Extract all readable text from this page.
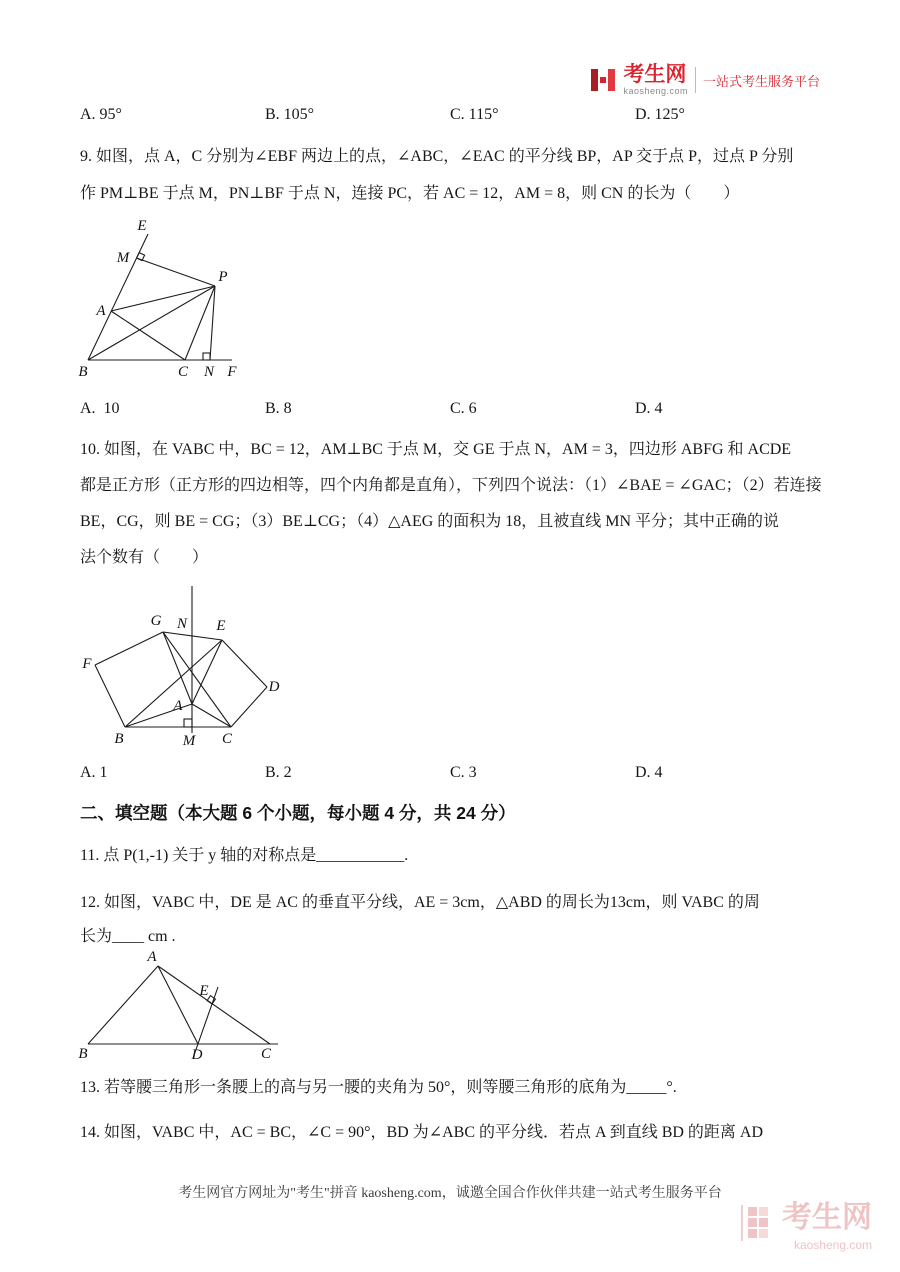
考生网
kaosheng.com
一站式考生服务平台
A. 95°	B. 105°	C. 115°	D. 125°
9. 如图，点 A，C 分别为∠EBF 两边上的点，∠ABC，∠EAC 的平分线 BP，AP 交于点 P，过点 P 分别
作 PM⊥BE 于点 M，PN⊥BF 于点 N，连接 PC，若 AC = 12，AM = 8，则 CN 的长为（　　）
E
M
P
A
B	C N F
A.  10	B. 8	C. 6	D. 4
10. 如图，在 VABC 中，BC = 12，AM⊥BC 于点 M，交 GE 于点 N，AM = 3，四边形 ABFG 和 ACDE
都是正方形（正方形的四边相等，四个内角都是直角），下列四个说法：（1）∠BAE = ∠GAC；（2）若连接
BE，CG，则 BE = CG；（3）BE⊥CG；（4）△AEG 的面积为 18，且被直线 MN 平分；其中正确的说
法个数有（　　）
G N E
F
D
A
B	M C
A. 1	B. 2	C. 3	D. 4
二、填空题（本大题 6 个小题，每小题 4 分，共 24 分）
11. 点 P(1,-1) 关于 y 轴的对称点是___________.
12. 如图，VABC 中，DE 是 AC 的垂直平分线，AE = 3cm，△ABD 的周长为13cm，则 VABC 的周
长为____ cm .
A
E
B	D	C
13. 若等腰三角形一条腰上的高与另一腰的夹角为 50°，则等腰三角形的底角为_____°.
14. 如图，VABC 中，AC = BC，∠C = 90°，BD 为∠ABC 的平分线．若点 A 到直线 BD 的距离 AD
考生网官方网址为"考生"拼音 kaosheng.com，诚邀全国合作伙伴共建一站式考生服务平台
考生网
kaosheng.com
